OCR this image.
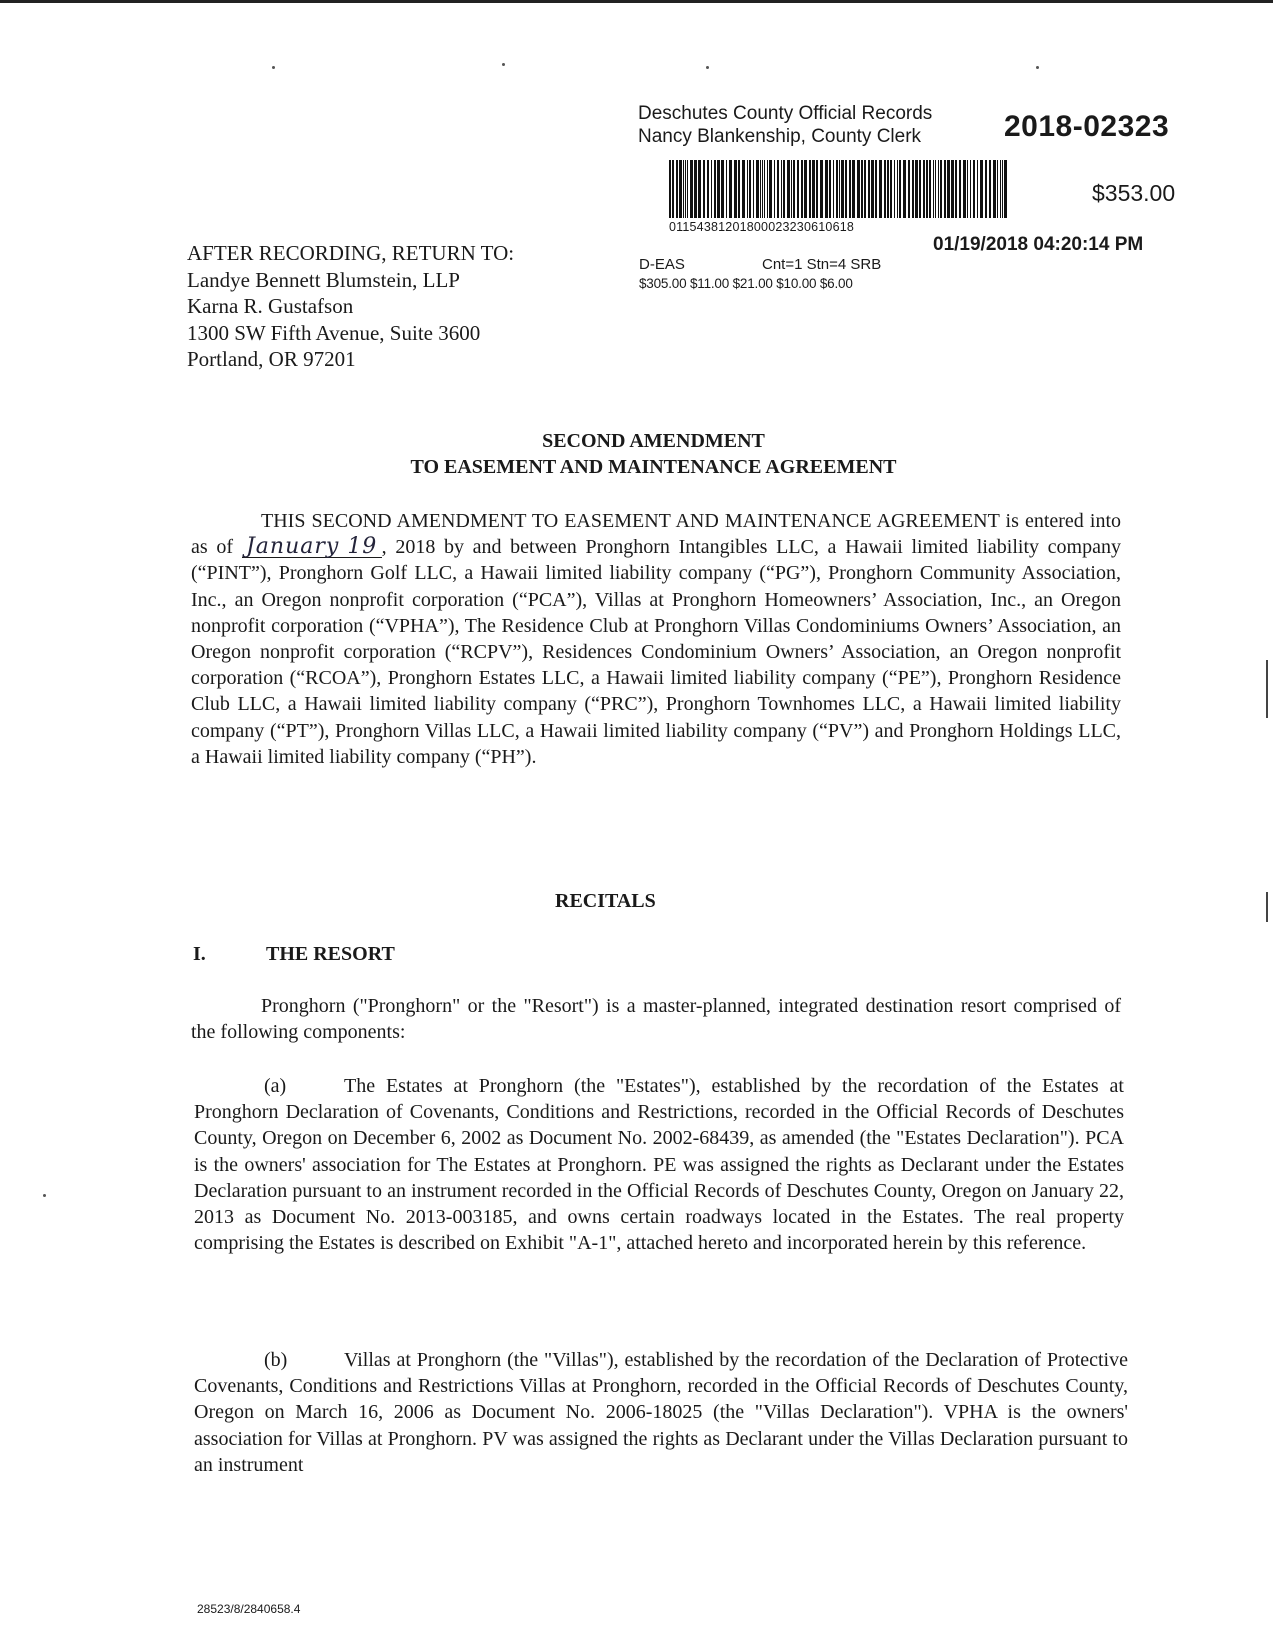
Deschutes County Official Records
Nancy Blankenship, County Clerk	2018-02323
01154381201800023230610618
$353.00
01/19/2018 04:20:14 PM
D-EAS	Cnt=1 Stn=4 SRB
$305.00 $11.00 $21.00 $10.00 $6.00
AFTER RECORDING, RETURN TO:
Landye Bennett Blumstein, LLP
Karna R. Gustafson
1300 SW Fifth Avenue, Suite 3600
Portland, OR 97201
SECOND AMENDMENT
TO EASEMENT AND MAINTENANCE AGREEMENT

THIS SECOND AMENDMENT TO EASEMENT AND MAINTENANCE AGREEMENT is entered into as of January 19 , 2018 by and between Pronghorn Intangibles LLC, a Hawaii limited liability company (“PINT”), Pronghorn Golf LLC, a Hawaii limited liability company (“PG”), Pronghorn Community Association, Inc., an Oregon nonprofit corporation (“PCA”), Villas at Pronghorn Homeowners’ Association, Inc., an Oregon nonprofit corporation (“VPHA”), The Residence Club at Pronghorn Villas Condominiums Owners’ Association, an Oregon nonprofit corporation (“RCPV”), Residences Condominium Owners’ Association, an Oregon nonprofit corporation (“RCOA”), Pronghorn Estates LLC, a Hawaii limited liability company (“PE”), Pronghorn Residence Club LLC, a Hawaii limited liability company (“PRC”), Pronghorn Townhomes LLC, a Hawaii limited liability company (“PT”), Pronghorn Villas LLC, a Hawaii limited liability company (“PV”) and Pronghorn Holdings LLC, a Hawaii limited liability company (“PH”).

RECITALS
I.	THE RESORT

Pronghorn ("Pronghorn" or the "Resort") is a master-planned, integrated destination resort comprised of the following components:

(a)	The Estates at Pronghorn (the "Estates"), established by the recordation of the Estates at Pronghorn Declaration of Covenants, Conditions and Restrictions, recorded in the Official Records of Deschutes County, Oregon on December 6, 2002 as Document No. 2002-68439, as amended (the "Estates Declaration"). PCA is the owners' association for The Estates at Pronghorn. PE was assigned the rights as Declarant under the Estates Declaration pursuant to an instrument recorded in the Official Records of Deschutes County, Oregon on January 22, 2013 as Document No. 2013-003185, and owns certain roadways located in the Estates. The real property comprising the Estates is described on Exhibit "A-1", attached hereto and incorporated herein by this reference.

(b)	Villas at Pronghorn (the "Villas"), established by the recordation of the Declaration of Protective Covenants, Conditions and Restrictions Villas at Pronghorn, recorded in the Official Records of Deschutes County, Oregon on March 16, 2006 as Document No. 2006-18025 (the "Villas Declaration"). VPHA is the owners' association for Villas at Pronghorn. PV was assigned the rights as Declarant under the Villas Declaration pursuant to an instrument

28523/8/2840658.4
